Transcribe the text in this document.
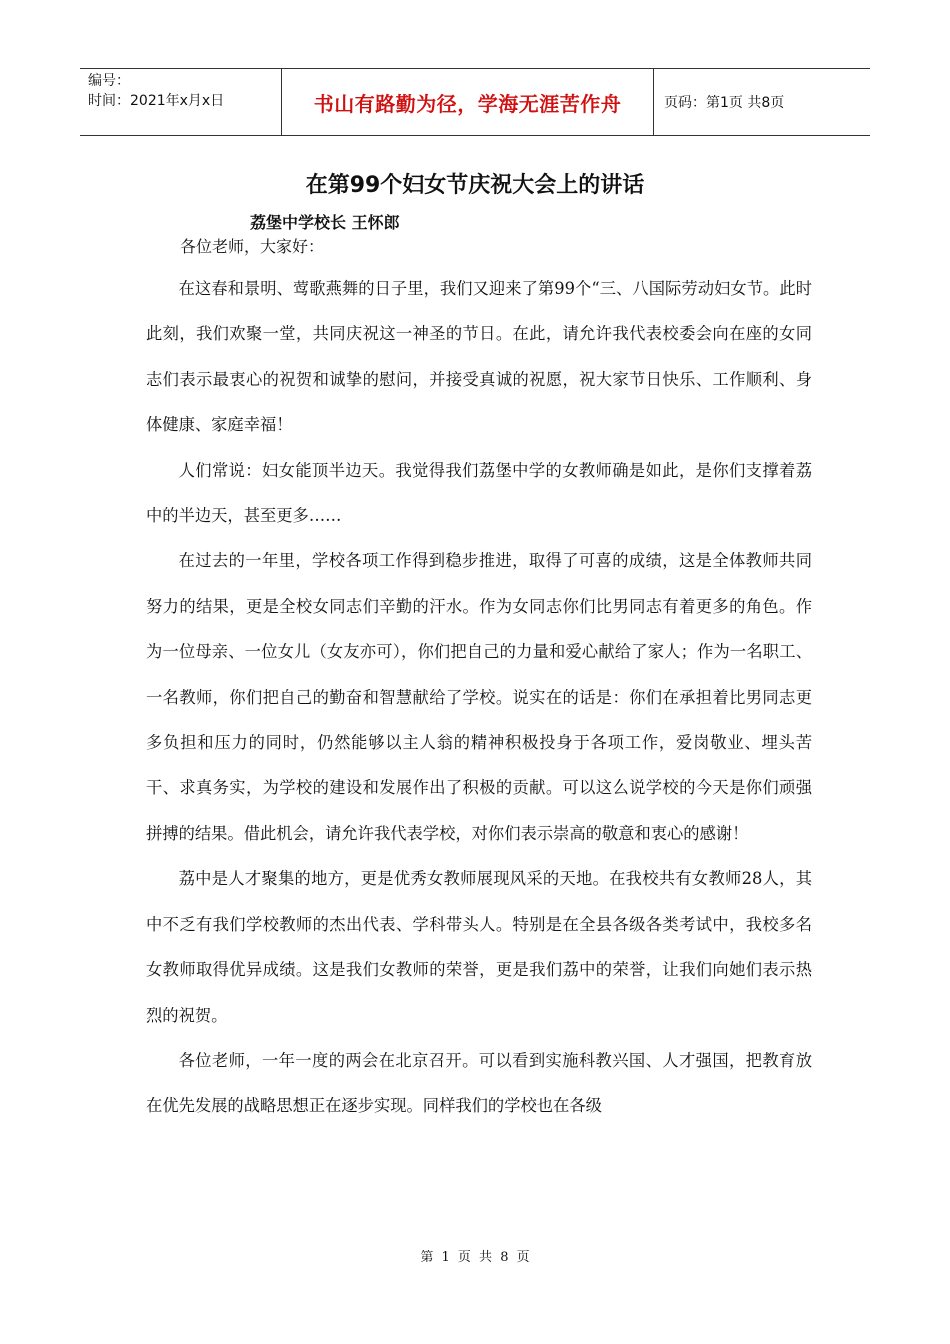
编号：
时间：2021年x月x日	书山有路勤为径，学海无涯苦作舟	页码：第1页 共8页
在第99个妇女节庆祝大会上的讲话
荔堡中学校长 王怀郎
各位老师，大家好：

在这春和景明、莺歌燕舞的日子里，我们又迎来了第99个“三、八国际劳动妇女节。此时此刻，我们欢聚一堂，共同庆祝这一神圣的节日。在此，请允许我代表校委会向在座的女同志们表示最衷心的祝贺和诚挚的慰问，并接受真诚的祝愿，祝大家节日快乐、工作顺利、身体健康、家庭幸福！

人们常说：妇女能顶半边天。我觉得我们荔堡中学的女教师确是如此，是你们支撑着荔中的半边天，甚至更多……

在过去的一年里，学校各项工作得到稳步推进，取得了可喜的成绩，这是全体教师共同努力的结果，更是全校女同志们辛勤的汗水。作为女同志你们比男同志有着更多的角色。作为一位母亲、一位女儿（女友亦可），你们把自己的力量和爱心献给了家人；作为一名职工、一名教师，你们把自己的勤奋和智慧献给了学校。说实在的话是：你们在承担着比男同志更多负担和压力的同时，仍然能够以主人翁的精神积极投身于各项工作，爱岗敬业、埋头苦干、求真务实，为学校的建设和发展作出了积极的贡献。可以这么说学校的今天是你们顽强拼搏的结果。借此机会，请允许我代表学校，对你们表示崇高的敬意和衷心的感谢！

荔中是人才聚集的地方，更是优秀女教师展现风采的天地。在我校共有女教师28人，其中不乏有我们学校教师的杰出代表、学科带头人。特别是在全县各级各类考试中，我校多名女教师取得优异成绩。这是我们女教师的荣誉，更是我们荔中的荣誉，让我们向她们表示热烈的祝贺。

各位老师，一年一度的两会在北京召开。可以看到实施科教兴国、人才强国，把教育放在优先发展的战略思想正在逐步实现。同样我们的学校也在各级

第 1 页 共 8 页
